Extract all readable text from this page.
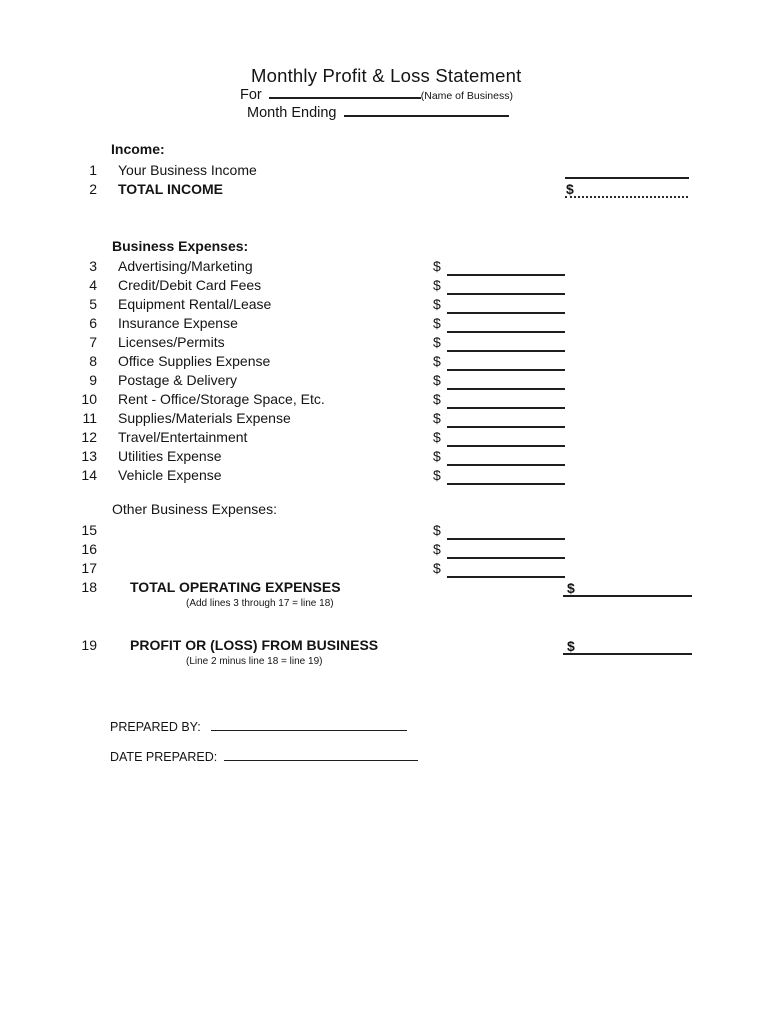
Monthly Profit & Loss Statement
For	(Name of Business)
Month Ending
Income:
1 Your Business Income
2 TOTAL INCOME	$
Business Expenses:
3 Advertising/Marketing	$
4 Credit/Debit Card Fees	$
5 Equipment Rental/Lease	$
6 Insurance Expense	$
7 Licenses/Permits	$
8 Office Supplies Expense	$
9 Postage & Delivery	$
10 Rent - Office/Storage Space, Etc.	$
11 Supplies/Materials Expense	$
12 Travel/Entertainment	$
13 Utilities Expense	$
14 Vehicle Expense	$
Other Business Expenses:
15	$
16	$
17	$
18 TOTAL OPERATING EXPENSES	$
(Add lines 3 through 17 = line 18)
19 PROFIT OR (LOSS) FROM BUSINESS	$
(Line 2 minus line 18 = line 19)
PREPARED BY:
DATE PREPARED:
